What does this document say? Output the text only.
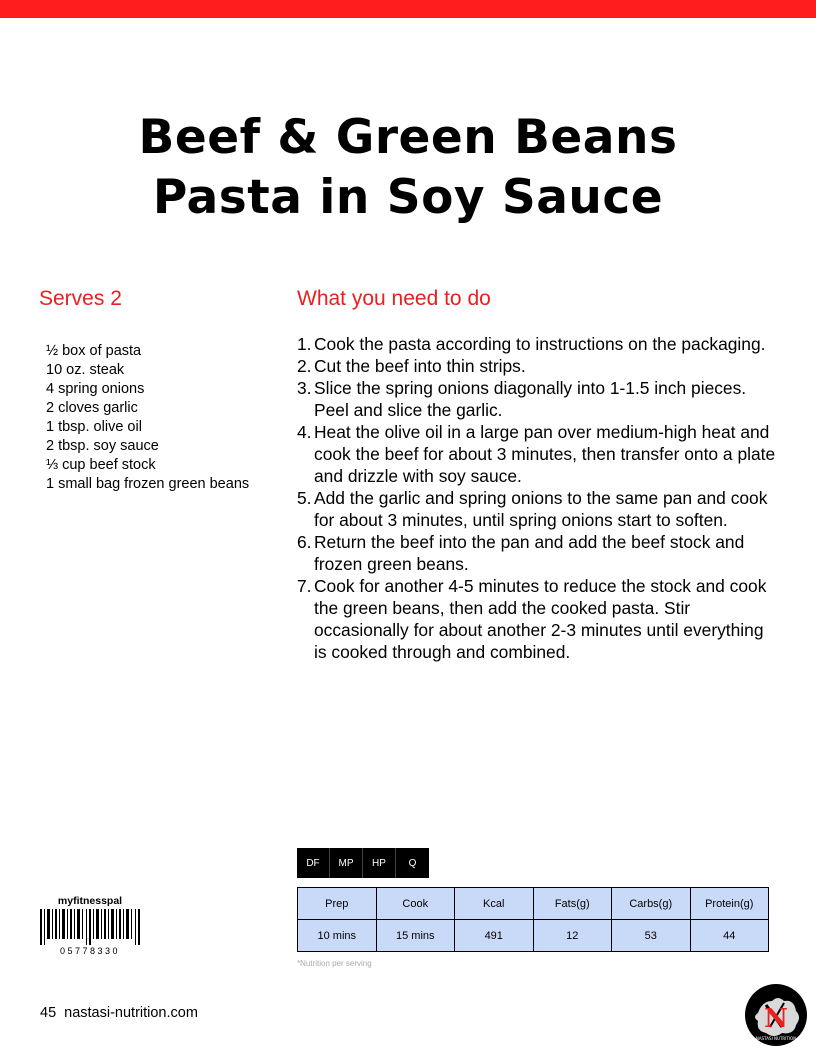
Beef & Green Beans
Pasta in Soy Sauce
Serves 2	What you need to do
½ box of pasta
10 oz. steak
4 spring onions
2 cloves garlic
1 tbsp. olive oil
2 tbsp. soy sauce
⅓ cup beef stock
1 small bag frozen green beans
1. Cook the pasta according to instructions on the packaging.
2. Cut the beef into thin strips.
3. Slice the spring onions diagonally into 1-1.5 inch pieces. Peel and slice the garlic.
4. Heat the olive oil in a large pan over medium-high heat and cook the beef for about 3 minutes, then transfer onto a plate and drizzle with soy sauce.
5. Add the garlic and spring onions to the same pan and cook for about 3 minutes, until spring onions start to soften.
6. Return the beef into the pan and add the beef stock and frozen green beans.
7. Cook for another 4-5 minutes to reduce the stock and cook the green beans, then add the cooked pasta. Stir occasionally for about another 2-3 minutes until everything is cooked through and combined.
DF	MP	HP	Q
Prep	Cook	Kcal	Fats(g)	Carbs(g)	Protein(g)
10 mins	15 mins	491	12	53	44
*Nutrition per serving
myfitnesspal
05778330
45 nastasi-nutrition.com	N
NASTASI NUTRITION
